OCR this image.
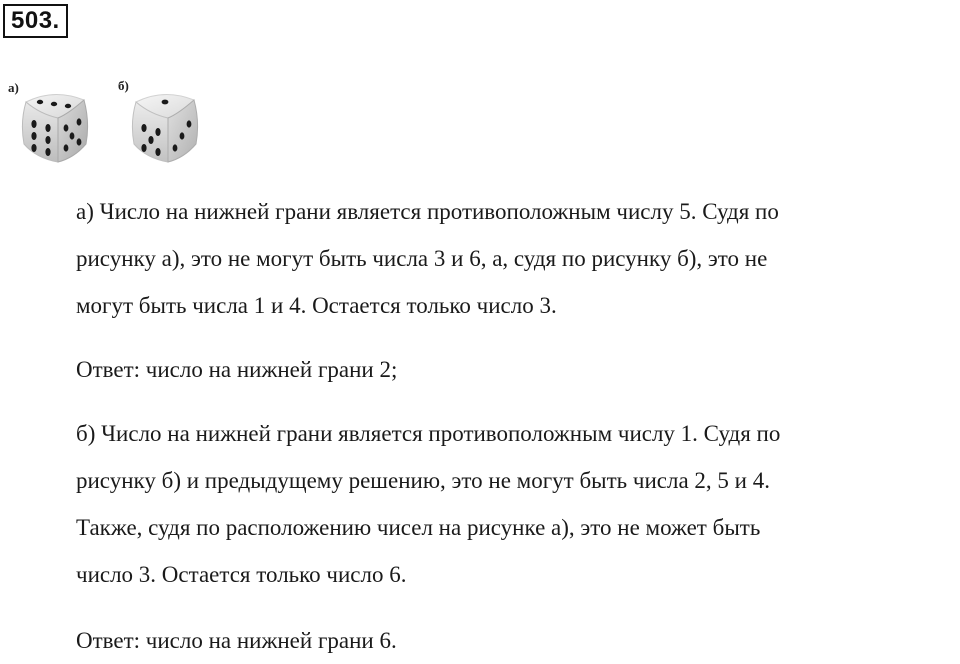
503.
а)	б)
а) Число на нижней грани является противоположным числу 5. Судя по
рисунку а), это не могут быть числа 3 и 6, а, судя по рисунку б), это не
могут быть числа 1 и 4. Остается только число 3.
Ответ: число на нижней грани 2;
б) Число на нижней грани является противоположным числу 1. Судя по
рисунку б) и предыдущему решению, это не могут быть числа 2, 5 и 4.
Также, судя по расположению чисел на рисунке а), это не может быть
число 3. Остается только число 6.
Ответ: число на нижней грани 6.
